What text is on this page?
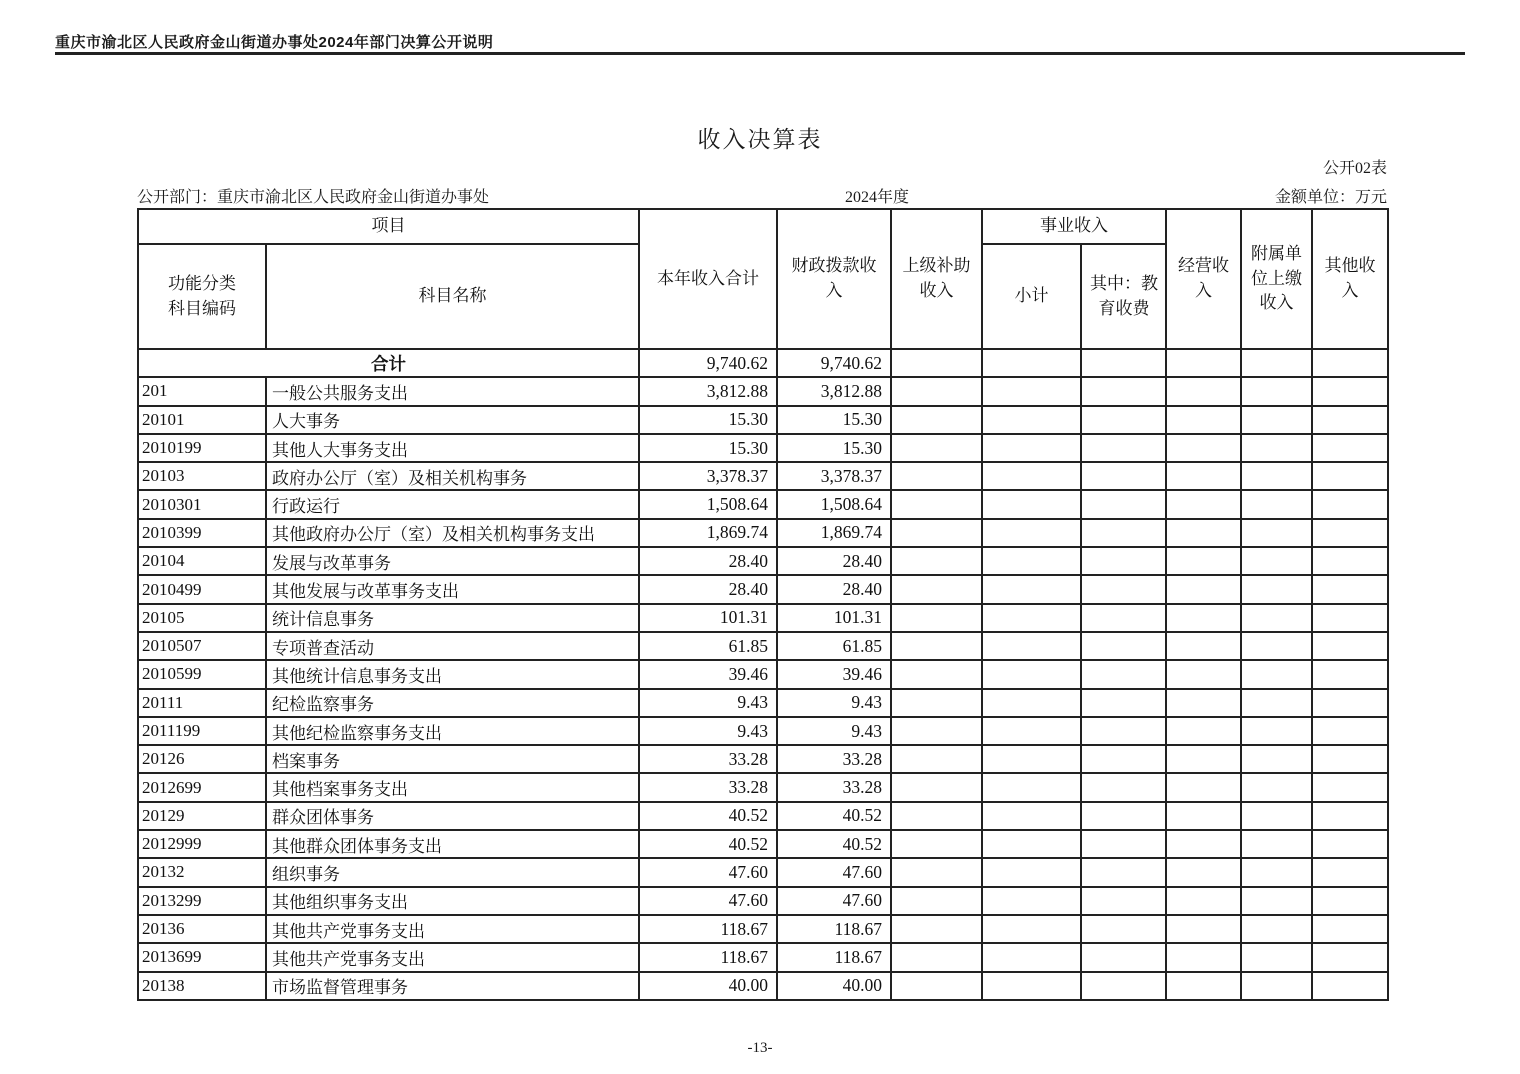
重庆市渝北区人民政府金山街道办事处2024年部门决算公开说明
收入决算表
公开02表
公开部门：重庆市渝北区人民政府金山街道办事处	2024年度	金额单位：万元
项目		本年收入合计	财政拨款收入	上级补助收入	事业收入		经营收入	附属单位上缴收入	其他收入
功能分类科目编码	科目名称				小计	其中：教育收费			
合计		9,740.62	9,740.62						
201	一般公共服务支出	3,812.88	3,812.88						
20101	人大事务	15.30	15.30						
2010199	其他人大事务支出	15.30	15.30						
20103	政府办公厅（室）及相关机构事务	3,378.37	3,378.37						
2010301	行政运行	1,508.64	1,508.64						
2010399	其他政府办公厅（室）及相关机构事务支出	1,869.74	1,869.74						
20104	发展与改革事务	28.40	28.40						
2010499	其他发展与改革事务支出	28.40	28.40						
20105	统计信息事务	101.31	101.31						
2010507	专项普查活动	61.85	61.85						
2010599	其他统计信息事务支出	39.46	39.46						
20111	纪检监察事务	9.43	9.43						
2011199	其他纪检监察事务支出	9.43	9.43						
20126	档案事务	33.28	33.28						
2012699	其他档案事务支出	33.28	33.28						
20129	群众团体事务	40.52	40.52						
2012999	其他群众团体事务支出	40.52	40.52						
20132	组织事务	47.60	47.60						
2013299	其他组织事务支出	47.60	47.60						
20136	其他共产党事务支出	118.67	118.67						
2013699	其他共产党事务支出	118.67	118.67						
20138	市场监督管理事务	40.00	40.00						
-13-
